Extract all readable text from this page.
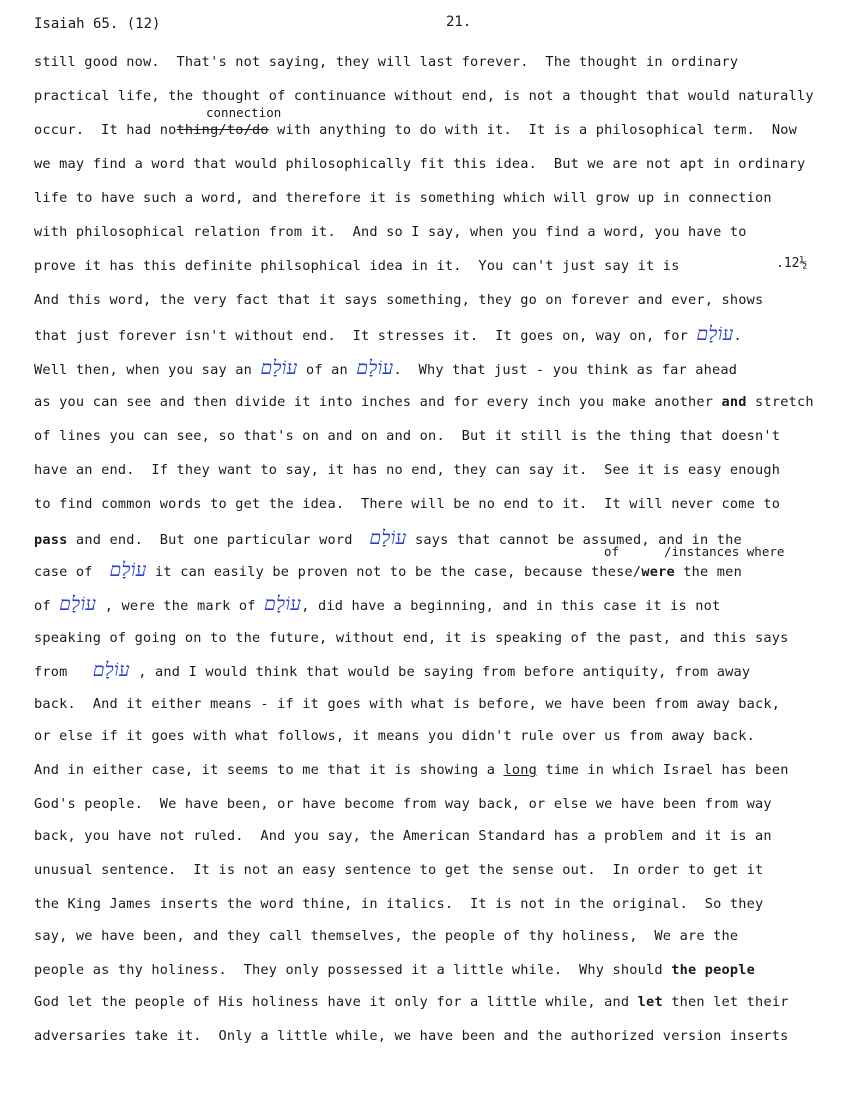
Isaiah 65. (12)	21.
still good now.  That's not saying, they will last forever.  The thought in ordinary
practical life, the thought of continuance without end, is not a thought that would naturally
connection
occur.  It had nothing/to/do with anything to do with it.  It is a philosophical term.  Now
we may find a word that would philosophically fit this idea.  But we are not apt in ordinary
life to have such a word, and therefore it is something which will grow up in connection
with philosophical relation from it.  And so I say, when you find a word, you have to
prove it has this definite philsophical idea in it.  You can't just say it is	.12½
And this word, the very fact that it says something, they go on forever and ever, shows
that just forever isn't without end.  It stresses it.  It goes on, way on, for עוֹלָם.
Well then, when you say an עוֹלָם of an עוֹלָם.  Why that just - you think as far ahead
as you can see and then divide it into inches and for every inch you make another and stretch
of lines you can see, so that's on and on and on.  But it still is the thing that doesn't
have an end.  If they want to say, it has no end, they can say it.  See it is easy enough
to find common words to get the idea.  There will be no end to it.  It will never come to
pass and end.  But one particular word עוֹלָם says that cannot be assumed, and in the
of	/instances where
case of עוֹלָם it can easily be proven not to be the case, because these/were the men
of עוֹלָם , were the mark of עוֹלָם, did have a beginning, and in this case it is not
speaking of going on to the future, without end, it is speaking of the past, and this says
from עוֹלָם , and I would think that would be saying from before antiquity, from away
back.  And it either means - if it goes with what is before, we have been from away back,
or else if it goes with what follows, it means you didn't rule over us from away back.
And in either case, it seems to me that it is showing a long time in which Israel has been
God's people.  We have been, or have become from way back, or else we have been from way
back, you have not ruled.  And you say, the American Standard has a problem and it is an
unusual sentence.  It is not an easy sentence to get the sense out.  In order to get it
the King James inserts the word thine, in italics.  It is not in the original.  So they
say, we have been, and they call themselves, the people of thy holiness,  We are the
people as thy holiness.  They only possessed it a little while.  Why should the people
God let the people of His holiness have it only for a little while, and let then let their
adversaries take it.  Only a little while, we have been and the authorized version inserts
